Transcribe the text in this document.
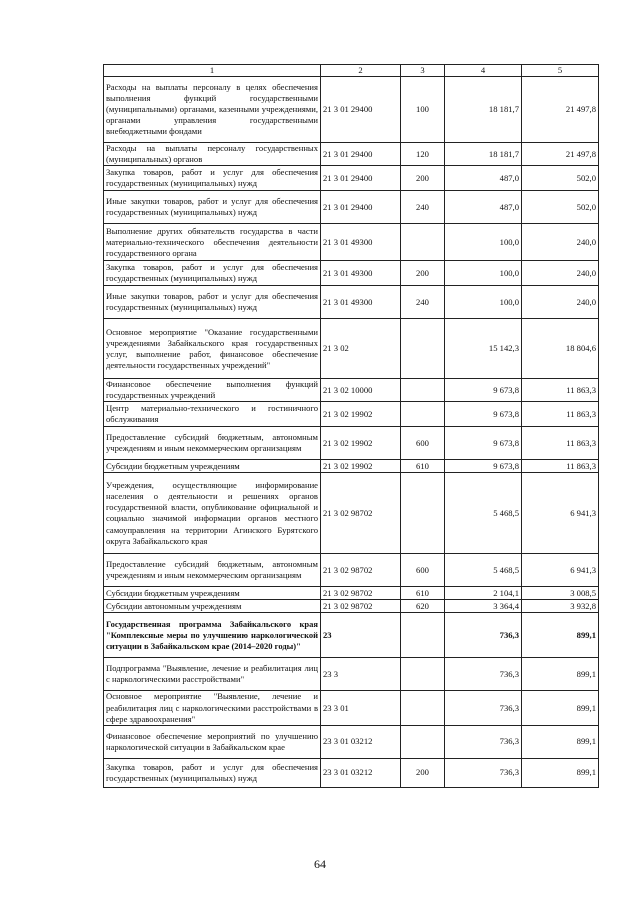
1	2	3	4	5
Расходы на выплаты персоналу в целях обеспечения выполнения функций государственными (муниципальными) органами, казенными учреждениями, органами управления государственными внебюджетными фондами	21 3 01 29400	100	18 181,7	21 497,8
Расходы на выплаты персоналу государственных (муниципальных) органов	21 3 01 29400	120	18 181,7	21 497,8
Закупка товаров, работ и услуг для обеспечения государственных (муниципальных) нужд	21 3 01 29400	200	487,0	502,0
Иные закупки товаров, работ и услуг для обеспечения государственных (муниципальных) нужд	21 3 01 29400	240	487,0	502,0
Выполнение других обязательств государства в части материально-технического обеспечения деятельности государственного органа	21 3 01 49300		100,0	240,0
Закупка товаров, работ и услуг для обеспечения государственных (муниципальных) нужд	21 3 01 49300	200	100,0	240,0
Иные закупки товаров, работ и услуг для обеспечения государственных (муниципальных) нужд	21 3 01 49300	240	100,0	240,0
Основное мероприятие "Оказание государственными учреждениями Забайкальского края государственных услуг, выполнение работ, финансовое обеспечение деятельности государственных учреждений"	21 3 02		15 142,3	18 804,6
Финансовое обеспечение выполнения функций государственных учреждений	21 3 02 10000		9 673,8	11 863,3
Центр материально-технического и гостиничного обслуживания	21 3 02 19902		9 673,8	11 863,3
Предоставление субсидий бюджетным, автономным учреждениям и иным некоммерческим организациям	21 3 02 19902	600	9 673,8	11 863,3
Субсидии бюджетным учреждениям	21 3 02 19902	610	9 673,8	11 863,3
Учреждения, осуществляющие информирование населения о деятельности и решениях органов государственной власти, опубликование официальной и социально значимой информации органов местного самоуправления на территории Агинского Бурятского округа Забайкальского края	21 3 02 98702		5 468,5	6 941,3
Предоставление субсидий бюджетным, автономным учреждениям и иным некоммерческим организациям	21 3 02 98702	600	5 468,5	6 941,3
Субсидии бюджетным учреждениям	21 3 02 98702	610	2 104,1	3 008,5
Субсидии автономным учреждениям	21 3 02 98702	620	3 364,4	3 932,8
Государственная программа Забайкальского края "Комплексные меры по улучшению наркологической ситуации в Забайкальском крае (2014–2020 годы)"	23		736,3	899,1
Подпрограмма "Выявление, лечение и реабилитация лиц с наркологическими расстройствами"	23 3		736,3	899,1
Основное мероприятие "Выявление, лечение и реабилитация лиц с наркологическими расстройствами в сфере здравоохранения"	23 3 01		736,3	899,1
Финансовое обеспечение мероприятий по улучшению наркологической ситуации в Забайкальском крае	23 3 01 03212		736,3	899,1
Закупка товаров, работ и услуг для обеспечения государственных (муниципальных) нужд	23 3 01 03212	200	736,3	899,1
64
